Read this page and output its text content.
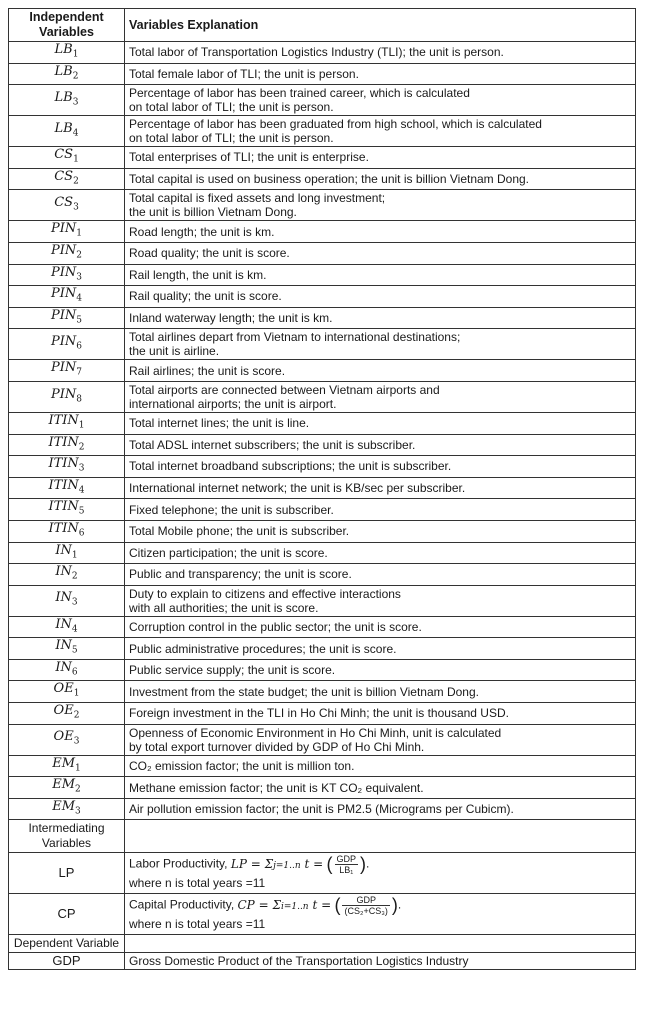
Independent Variables	Variables Explanation
$LB_1$	Total labor of Transportation Logistics Industry (TLI); the unit is person.
$LB_2$	Total female labor of TLI; the unit is person.
$LB_3$	Percentage of labor has been trained career, which is calculated
on total labor of TLI; the unit is person.
$LB_4$	Percentage of labor has been graduated from high school, which is calculated
on total labor of TLI; the unit is person.
$CS_1$	Total enterprises of TLI; the unit is enterprise.
$CS_2$	Total capital is used on business operation; the unit is billion Vietnam Dong.
$CS_3$	Total capital is fixed assets and long investment;
the unit is billion Vietnam Dong.
$PIN_1$	Road length; the unit is km.
$PIN_2$	Road quality; the unit is score.
$PIN_3$	Rail length, the unit is km.
$PIN_4$	Rail quality; the unit is score.
$PIN_5$	Inland waterway length; the unit is km.
$PIN_6$	Total airlines depart from Vietnam to international destinations;
the unit is airline.
$PIN_7$	Rail airlines; the unit is score.
$PIN_8$	Total airports are connected between Vietnam airports and
international airports; the unit is airport.
$ITIN_1$	Total internet lines; the unit is line.
$ITIN_2$	Total ADSL internet subscribers; the unit is subscriber.
$ITIN_3$	Total internet broadband subscriptions; the unit is subscriber.
$ITIN_4$	International internet network; the unit is KB/sec per subscriber.
$ITIN_5$	Fixed telephone; the unit is subscriber.
$ITIN_6$	Total Mobile phone; the unit is subscriber.
$IN_1$	Citizen participation; the unit is score.
$IN_2$	Public and transparency; the unit is score.
$IN_3$	Duty to explain to citizens and effective interactions
with all authorities; the unit is score.
$IN_4$	Corruption control in the public sector; the unit is score.
$IN_5$	Public administrative procedures; the unit is score.
$IN_6$	Public service supply; the unit is score.
$OE_1$	Investment from the state budget; the unit is billion Vietnam Dong.
$OE_2$	Foreign investment in the TLI in Ho Chi Minh; the unit is thousand USD.
$OE_3$	Openness of Economic Environment in Ho Chi Minh, unit is calculated
by total export turnover divided by GDP of Ho Chi Minh.
$EM_1$	CO₂ emission factor; the unit is million ton.
$EM_2$	Methane emission factor; the unit is KT CO₂ equivalent.
$EM_3$	Air pollution emission factor; the unit is PM2.5 (Micrograms per Cubicm).
Intermediating Variables	
LP	Labor Productivity, LP = Σj=1..n t = ( $\frac{\text{GDP}}{\text{LB₁}}$ ).
where n is total years =11
CP	Capital Productivity, CP = Σi=1..n t = ( $\frac{\text{GDP}}{\text{(CS₂+CS₃)}}$ ).
where n is total years =11
Dependent Variable	
GDP	Gross Domestic Product of the Transportation Logistics Industry
